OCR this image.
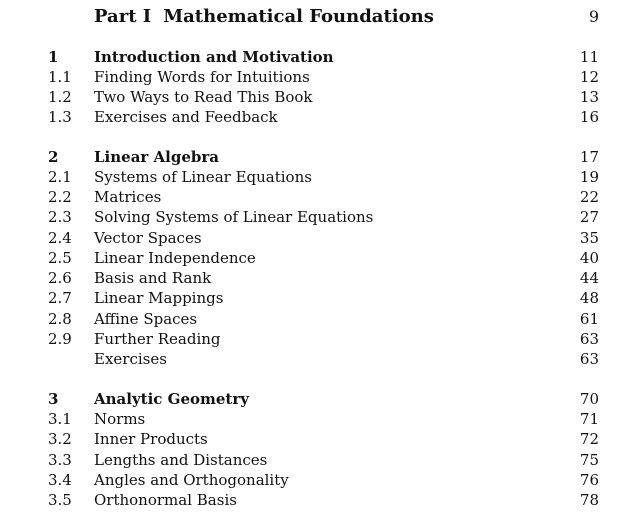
Part I Mathematical Foundations	9
1 Introduction and Motivation	11
1.1 Finding Words for Intuitions	12
1.2 Two Ways to Read This Book	13
1.3 Exercises and Feedback	16
2 Linear Algebra	17
2.1 Systems of Linear Equations	19
2.2 Matrices	22
2.3 Solving Systems of Linear Equations	27
2.4 Vector Spaces	35
2.5 Linear Independence	40
2.6 Basis and Rank	44
2.7 Linear Mappings	48
2.8 Affine Spaces	61
2.9 Further Reading	63
Exercises	63
3 Analytic Geometry	70
3.1 Norms	71
3.2 Inner Products	72
3.3 Lengths and Distances	75
3.4 Angles and Orthogonality	76
3.5 Orthonormal Basis	78
